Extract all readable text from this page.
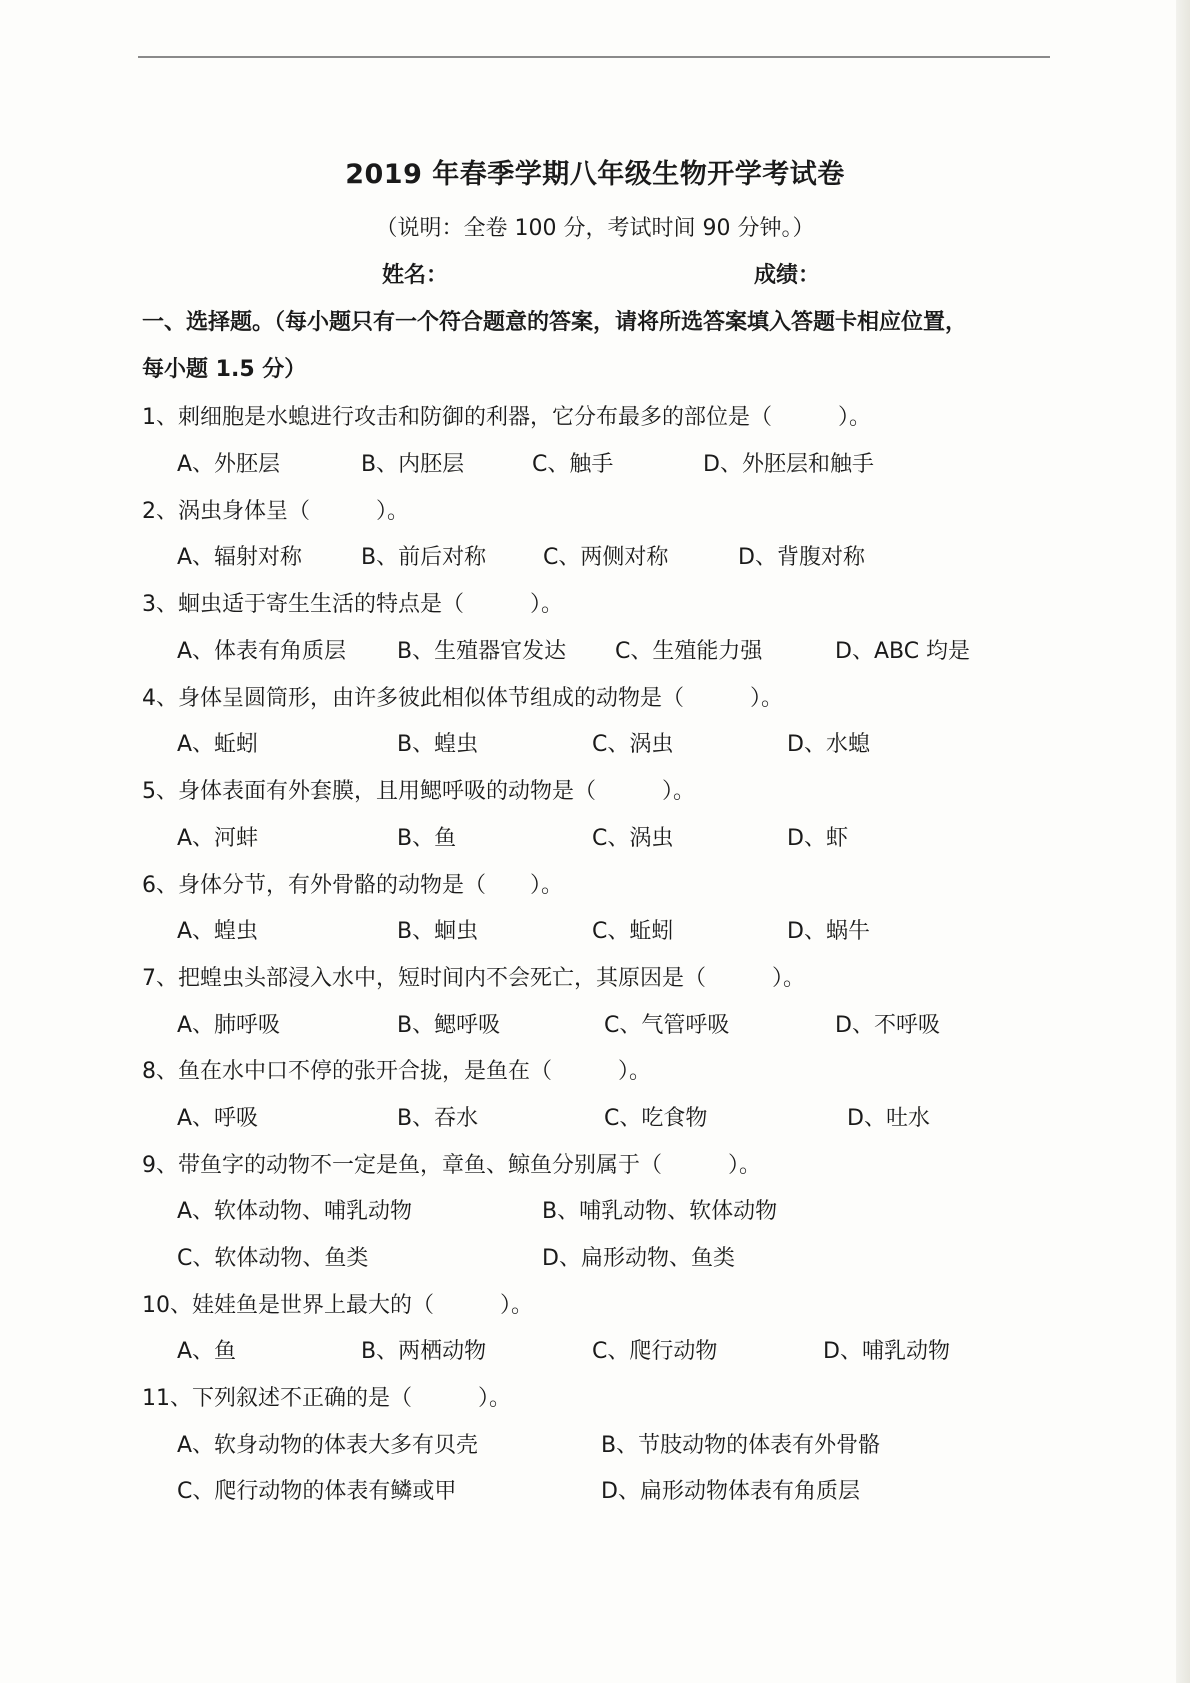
2019 年春季学期八年级生物开学考试卷
（说明：全卷 100 分，考试时间 90 分钟。）
姓名：	成绩：
一、选择题。（每小题只有一个符合题意的答案，请将所选答案填入答题卡相应位置，
每小题 1.5 分）
1、刺细胞是水螅进行攻击和防御的利器，它分布最多的部位是（　　　）。
A、外胚层	B、内胚层	C、触手	D、外胚层和触手
2、涡虫身体呈（　　　）。
A、辐射对称	B、前后对称	C、两侧对称	D、背腹对称
3、蛔虫适于寄生生活的特点是（　　　）。
A、体表有角质层 B、生殖器官发达 C、生殖能力强	D、ABC 均是
4、身体呈圆筒形，由许多彼此相似体节组成的动物是（　　　）。
A、蚯蚓	B、蝗虫	C、涡虫	D、水螅
5、身体表面有外套膜，且用鳃呼吸的动物是（　　　）。
A、河蚌	B、鱼	C、涡虫	D、虾
6、身体分节，有外骨骼的动物是（　　）。
A、蝗虫	B、蛔虫	C、蚯蚓	D、蜗牛
7、把蝗虫头部浸入水中，短时间内不会死亡，其原因是（　　　）。
A、肺呼吸	B、鳃呼吸	C、气管呼吸	D、不呼吸
8、鱼在水中口不停的张开合拢，是鱼在（　　　）。
A、呼吸	B、吞水	C、吃食物	D、吐水
9、带鱼字的动物不一定是鱼，章鱼、鲸鱼分别属于（　　　）。
A、软体动物、哺乳动物	B、哺乳动物、软体动物
C、软体动物、鱼类	D、扁形动物、鱼类
10、娃娃鱼是世界上最大的（　　　）。
A、鱼	B、两栖动物	C、爬行动物	D、哺乳动物
11、下列叙述不正确的是（　　　）。
A、软身动物的体表大多有贝壳	B、节肢动物的体表有外骨骼
C、爬行动物的体表有鳞或甲	D、扁形动物体表有角质层
